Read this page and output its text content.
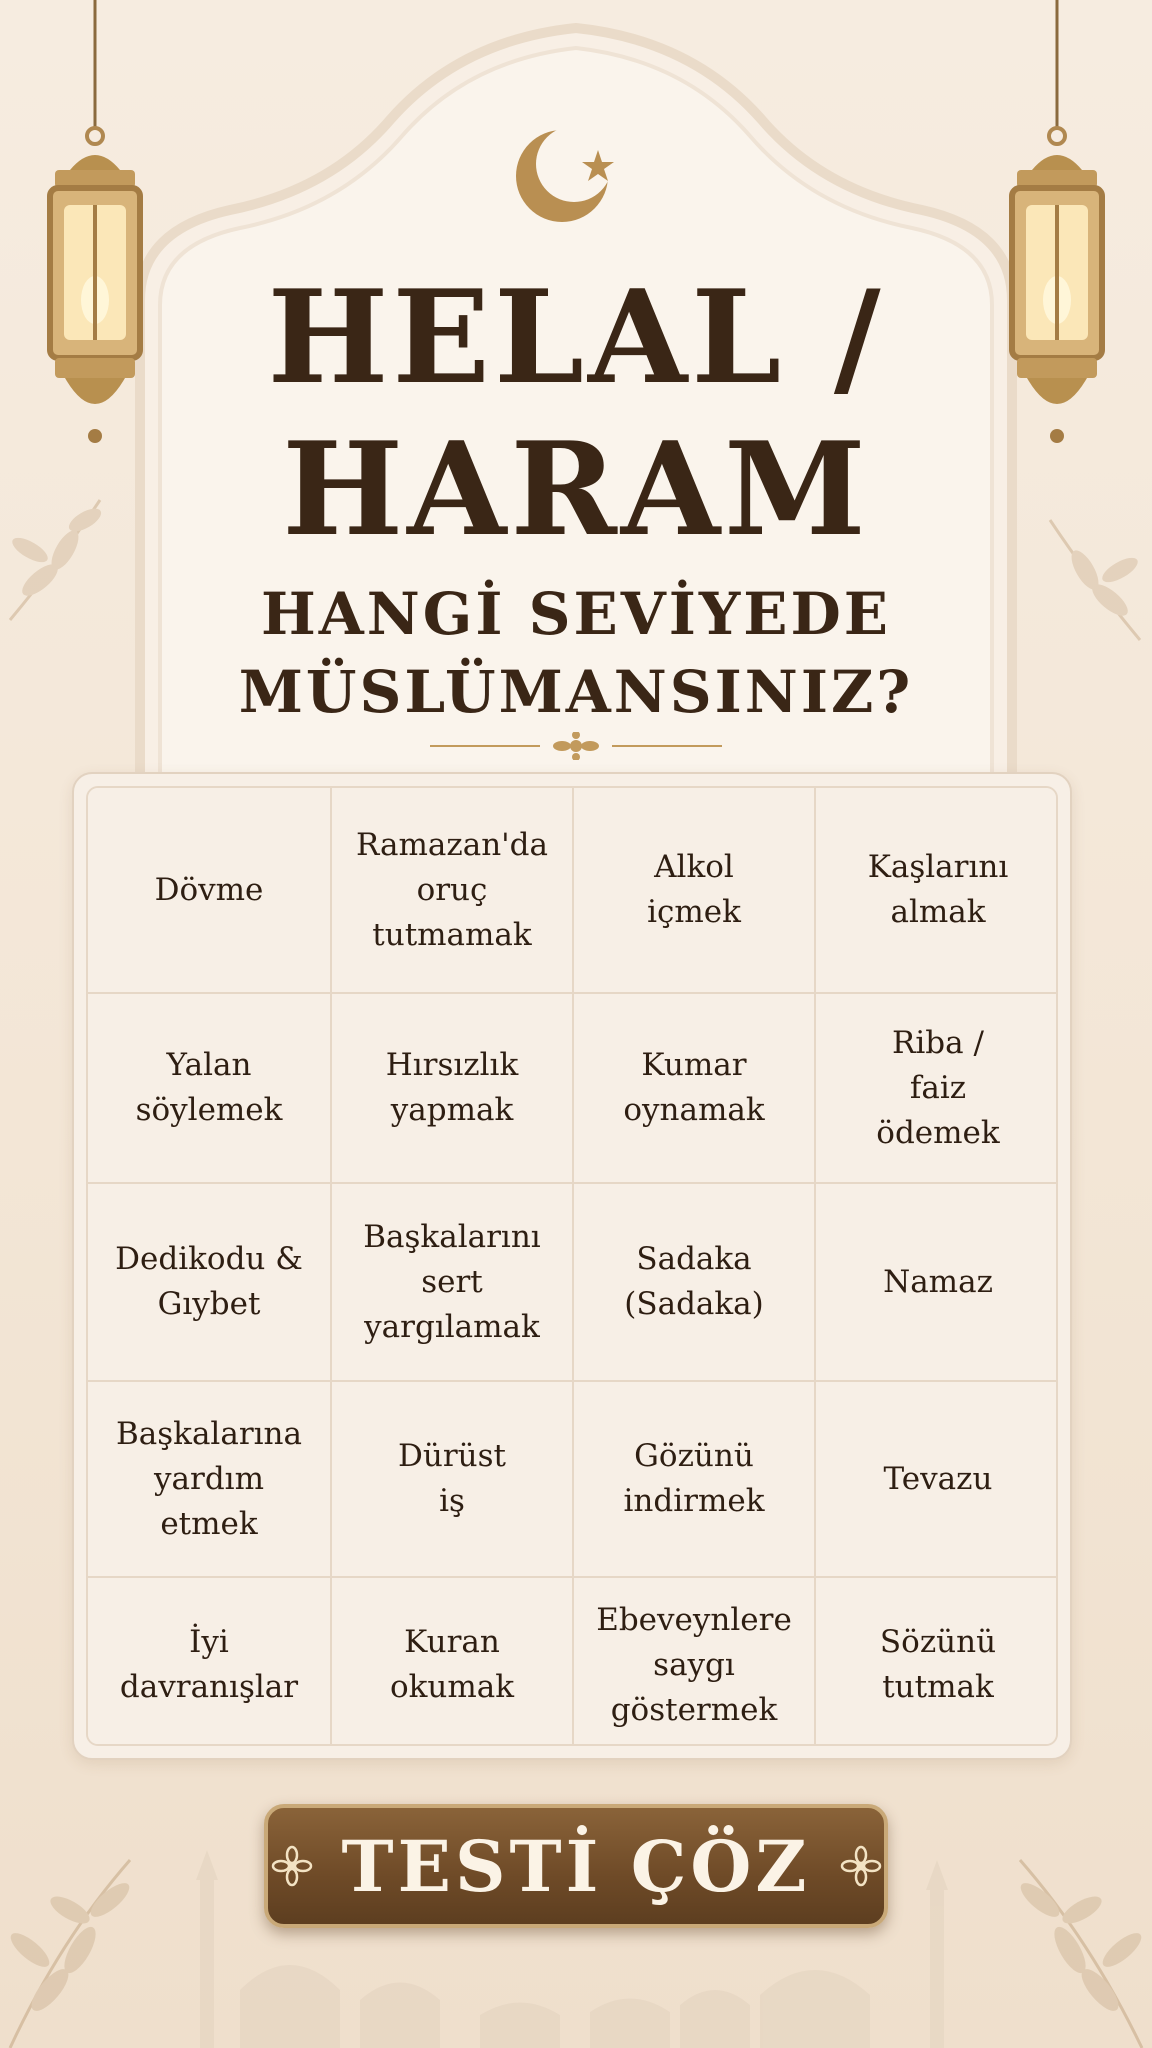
HELAL /
HARAM
HANGİ SEVİYEDE
MÜSLÜMANSINIZ?
Dövme
Ramazan'da
oruç
tutmamak
Alkol
içmek
Kaşlarını
almak
Yalan
söylemek
Hırsızlık
yapmak
Kumar
oynamak
Riba /
faiz
ödemek
Dedikodu &
Gıybet
Başkalarını
sert
yargılamak
Sadaka
(Sadaka)
Namaz
Başkalarına
yardım
etmek
Dürüst
iş
Gözünü
indirmek
Tevazu
İyi
davranışlar
Kuran
okumak
Ebeveynlere
saygı
göstermek
Sözünü
tutmak
TESTİ ÇÖZ
